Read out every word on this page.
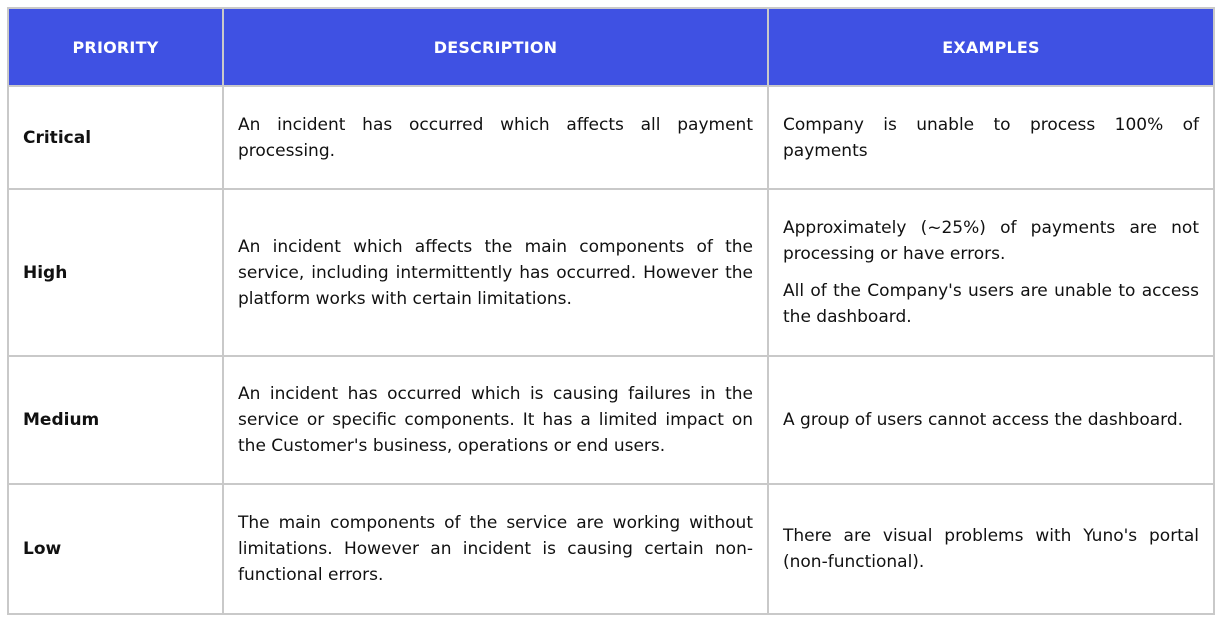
PRIORITY	DESCRIPTION	EXAMPLES
Critical	An incident has occurred which affects all payment processing.	Company is unable to process 100% of payments

High	An incident which affects the main components of the service, including intermittently has occurred. However the platform works with certain limitations.	Approximately (~25%) of payments are not processing or have errors.

All of the Company's users are unable to access the dashboard.

Medium	An incident has occurred which is causing failures in the service or specific components. It has a limited impact on the Customer's business, operations or end users.	A group of users cannot access the dashboard.

Low	The main components of the service are working without limitations. However an incident is causing certain non-functional errors.	There are visual problems with Yuno's portal (non-functional).
